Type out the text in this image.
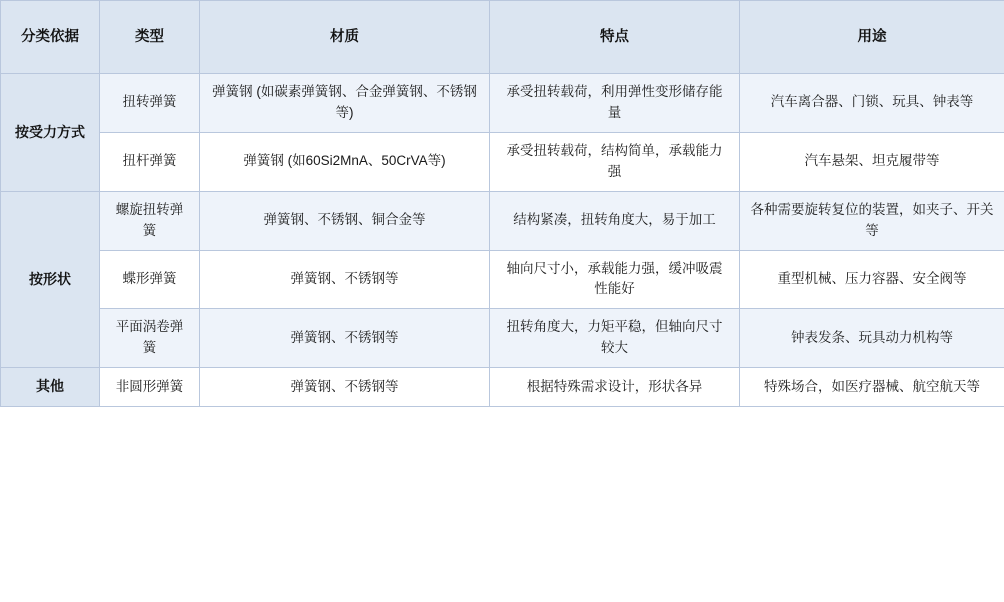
分类依据	类型	材质	特点	用途
按受力方式	扭转弹簧	弹簧钢 (如碳素弹簧钢、合金弹簧钢、不锈钢等)	承受扭转载荷，利用弹性变形储存能量	汽车离合器、门锁、玩具、钟表等
	扭杆弹簧	弹簧钢 (如60Si2MnA、50CrVA等)	承受扭转载荷，结构简单，承载能力强	汽车悬架、坦克履带等
按形状	螺旋扭转弹簧	弹簧钢、不锈钢、铜合金等	结构紧凑，扭转角度大，易于加工	各种需要旋转复位的装置，如夹子、开关等
	蝶形弹簧	弹簧钢、不锈钢等	轴向尺寸小，承载能力强，缓冲吸震性能好	重型机械、压力容器、安全阀等
	平面涡卷弹簧	弹簧钢、不锈钢等	扭转角度大，力矩平稳，但轴向尺寸较大	钟表发条、玩具动力机构等
其他	非圆形弹簧	弹簧钢、不锈钢等	根据特殊需求设计，形状各异	特殊场合，如医疗器械、航空航天等
